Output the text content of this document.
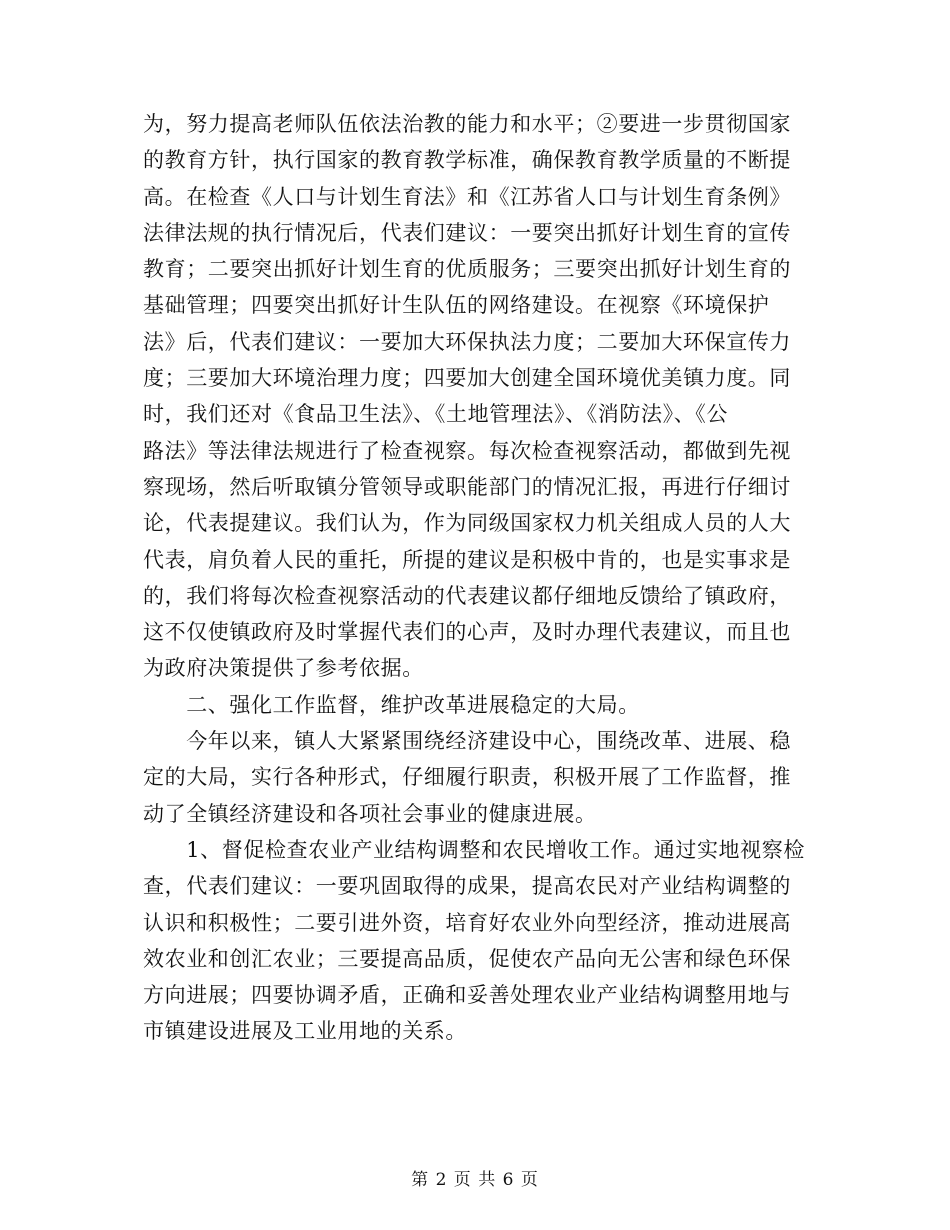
为，努力提高老师队伍依法治教的能力和水平；②要进一步贯彻国家
的教育方针，执行国家的教育教学标准，确保教育教学质量的不断提
高。在检查《人口与计划生育法》和《江苏省人口与计划生育条例》
法律法规的执行情况后，代表们建议：一要突出抓好计划生育的宣传
教育；二要突出抓好计划生育的优质服务；三要突出抓好计划生育的
基础管理；四要突出抓好计生队伍的网络建设。在视察《环境保护
法》后，代表们建议：一要加大环保执法力度；二要加大环保宣传力
度；三要加大环境治理力度；四要加大创建全国环境优美镇力度。同
时，我们还对《食品卫生法》、《土地管理法》、《消防法》、《公
路法》等法律法规进行了检查视察。每次检查视察活动，都做到先视
察现场，然后听取镇分管领导或职能部门的情况汇报，再进行仔细讨
论，代表提建议。我们认为，作为同级国家权力机关组成人员的人大
代表，肩负着人民的重托，所提的建议是积极中肯的，也是实事求是
的，我们将每次检查视察活动的代表建议都仔细地反馈给了镇政府，
这不仅使镇政府及时掌握代表们的心声，及时办理代表建议，而且也
为政府决策提供了参考依据。
　　二、强化工作监督，维护改革进展稳定的大局。
　　今年以来，镇人大紧紧围绕经济建设中心，围绕改革、进展、稳
定的大局，实行各种形式，仔细履行职责，积极开展了工作监督，推
动了全镇经济建设和各项社会事业的健康进展。
　　1、督促检查农业产业结构调整和农民增收工作。通过实地视察检
查，代表们建议：一要巩固取得的成果，提高农民对产业结构调整的
认识和积极性；二要引进外资，培育好农业外向型经济，推动进展高
效农业和创汇农业；三要提高品质，促使农产品向无公害和绿色环保
方向进展；四要协调矛盾，正确和妥善处理农业产业结构调整用地与
市镇建设进展及工业用地的关系。
第 2 页 共 6 页
